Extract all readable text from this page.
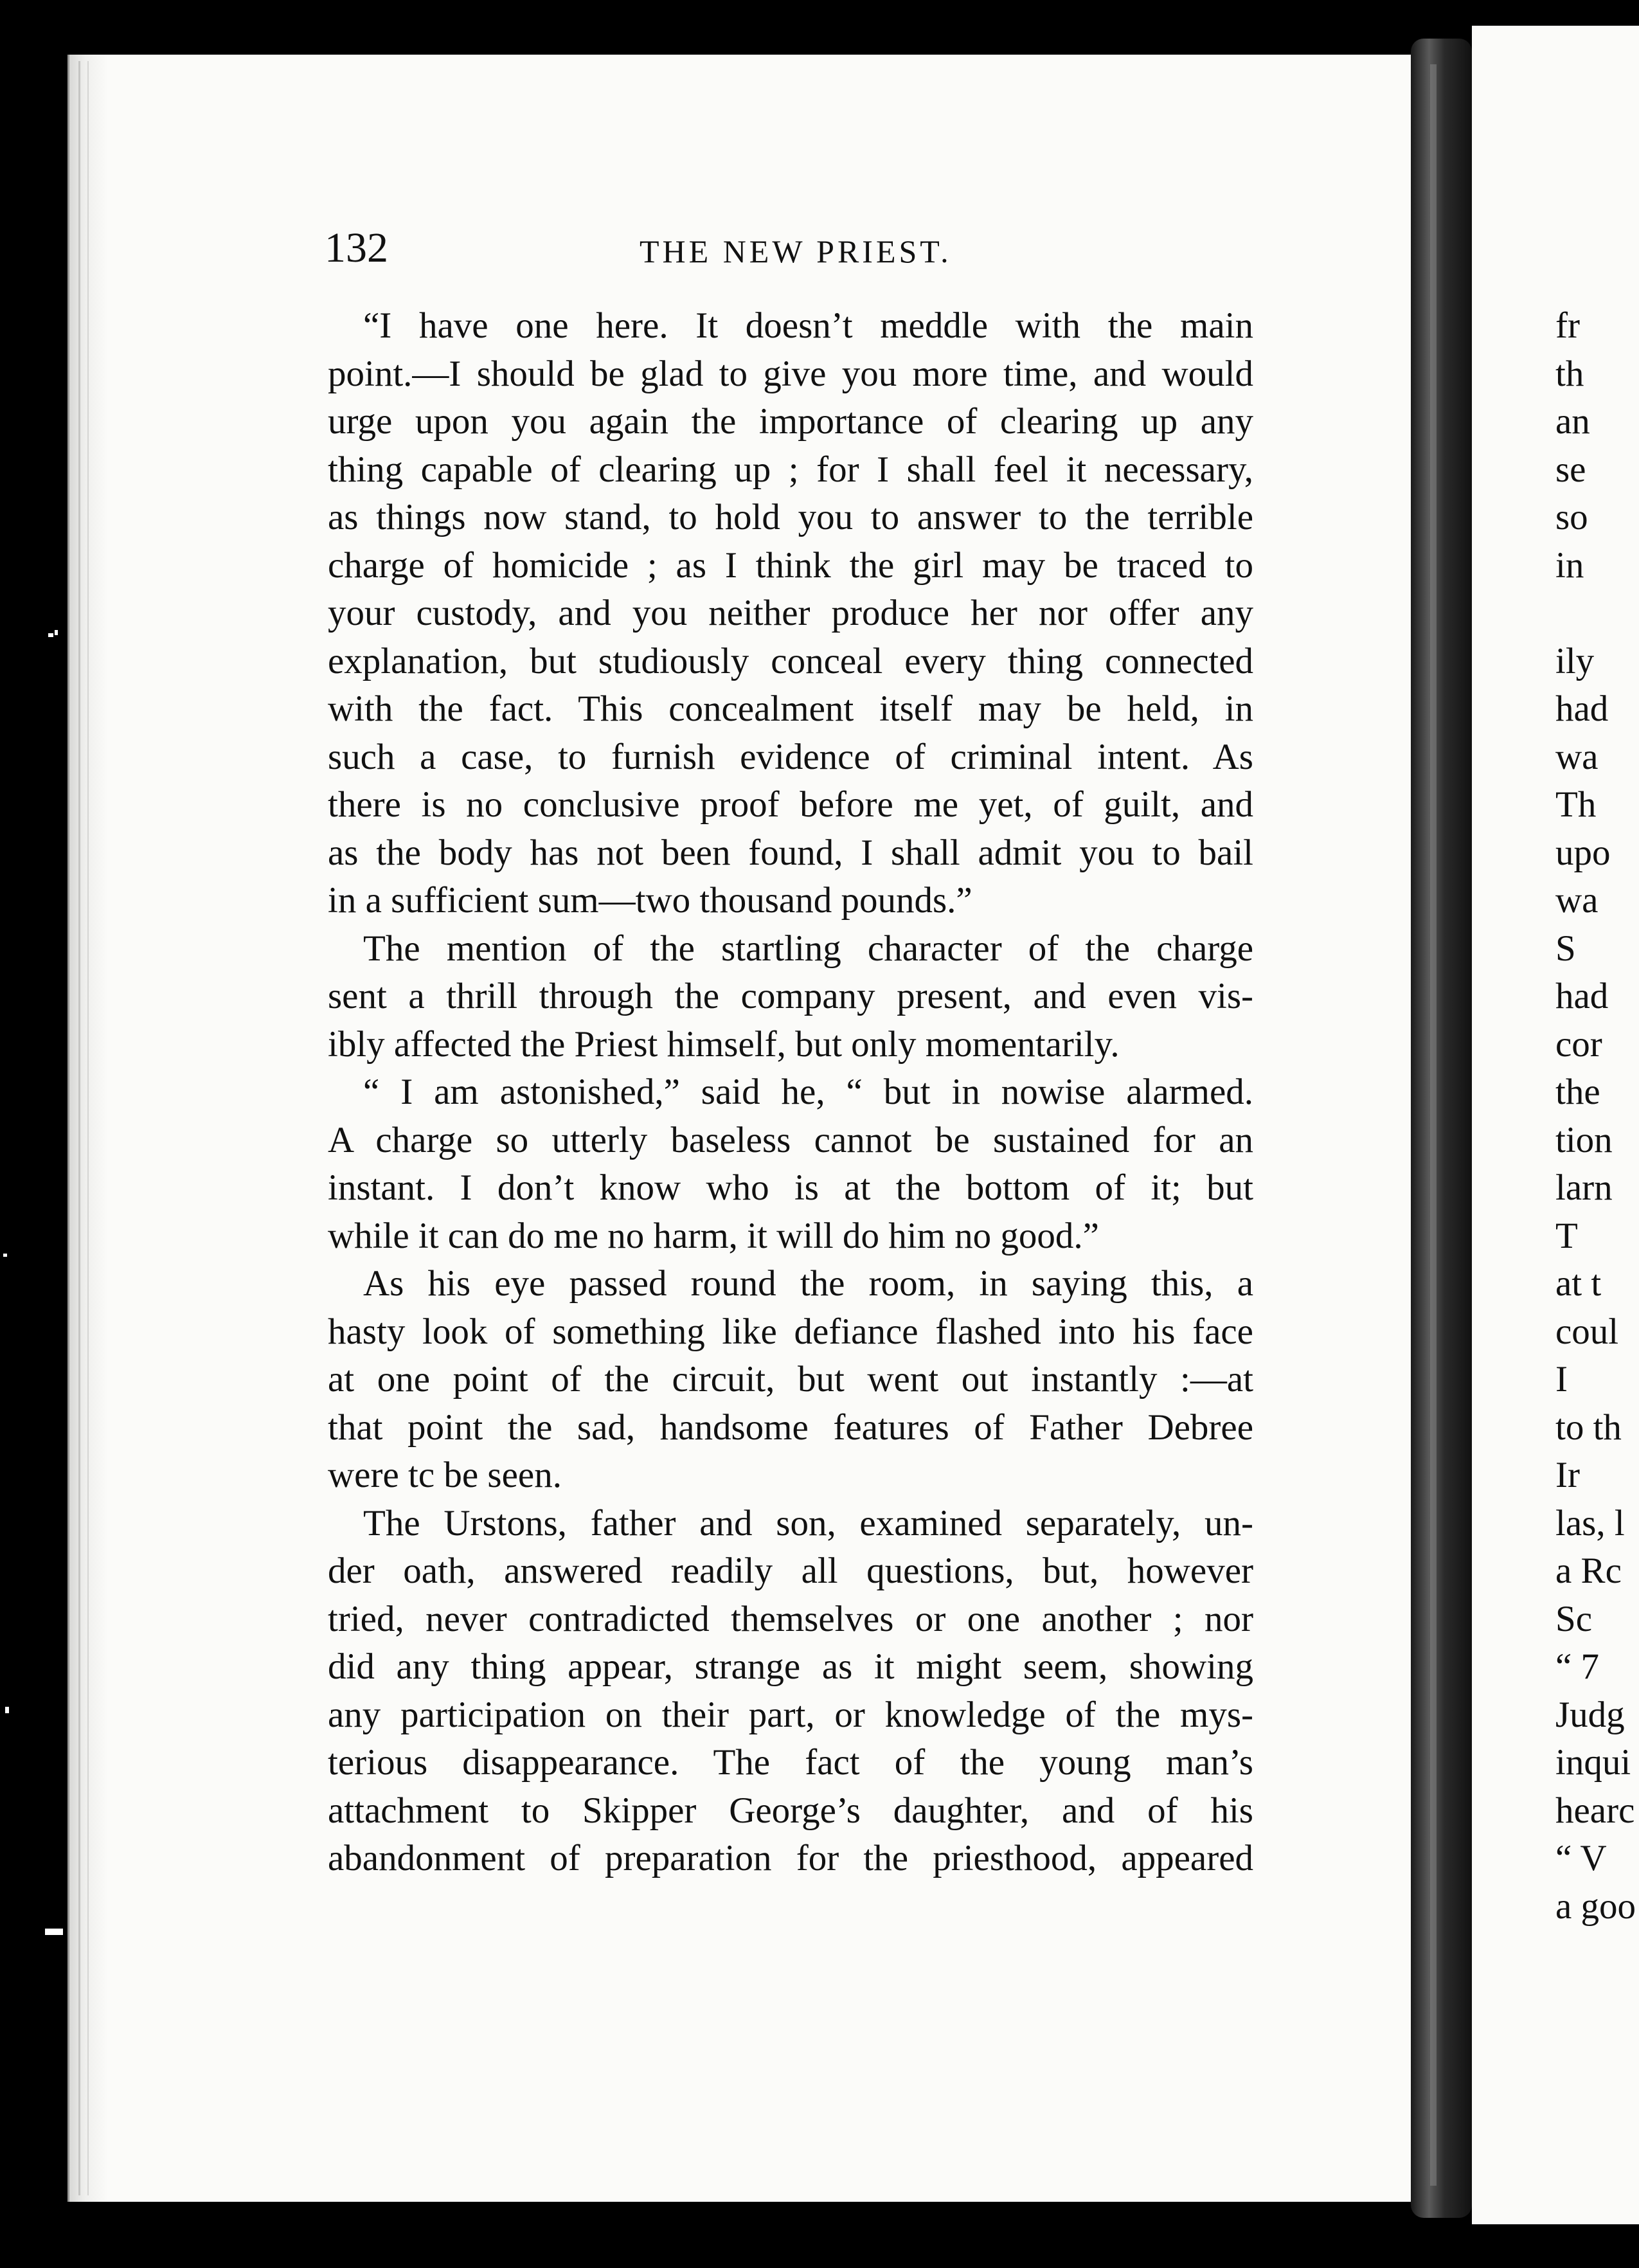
132	THE NEW PRIEST.

“I have one here. It doesn’t meddle with the main

point.—I should be glad to give you more time, and would

urge upon you again the importance of clearing up any

thing capable of clearing up ; for I shall feel it necessary,

as things now stand, to hold you to answer to the terrible

charge of homicide ; as I think the girl may be traced to

your custody, and you neither produce her nor offer any

explanation, but studiously conceal every thing connected

with the fact. This concealment itself may be held, in

such a case, to furnish evidence of criminal intent. As

there is no conclusive proof before me yet, of guilt, and

as the body has not been found, I shall admit you to bail

in a sufficient sum—two thousand pounds.”

The mention of the startling character of the charge

sent a thrill through the company present, and even vis-

ibly affected the Priest himself, but only momentarily.

“ I am astonished,” said he, “ but in nowise alarmed.

A charge so utterly baseless cannot be sustained for an

instant. I don’t know who is at the bottom of it; but

while it can do me no harm, it will do him no good.”

As his eye passed round the room, in saying this, a

hasty look of something like defiance flashed into his face

at one point of the circuit, but went out instantly :—at

that point the sad, handsome features of Father Debree

were tc be seen.

The Urstons, father and son, examined separately, un-

der oath, answered readily all questions, but, however

tried, never contradicted themselves or one another ; nor

did any thing appear, strange as it might seem, showing

any participation on their part, or knowledge of the mys-

terious disappearance. The fact of the young man’s

attachment to Skipper George’s daughter, and of his

abandonment of preparation for the priesthood, appeared

fr
th
an
se
so
in
ily
had
wa
Th
upo
wa
S
had
cor
the
tion
larn
T
at t
coul
I
to th
Ir
las, l
a Rc
Sc
“ 7
Judg
inqui
hearc
“ V
a goo
